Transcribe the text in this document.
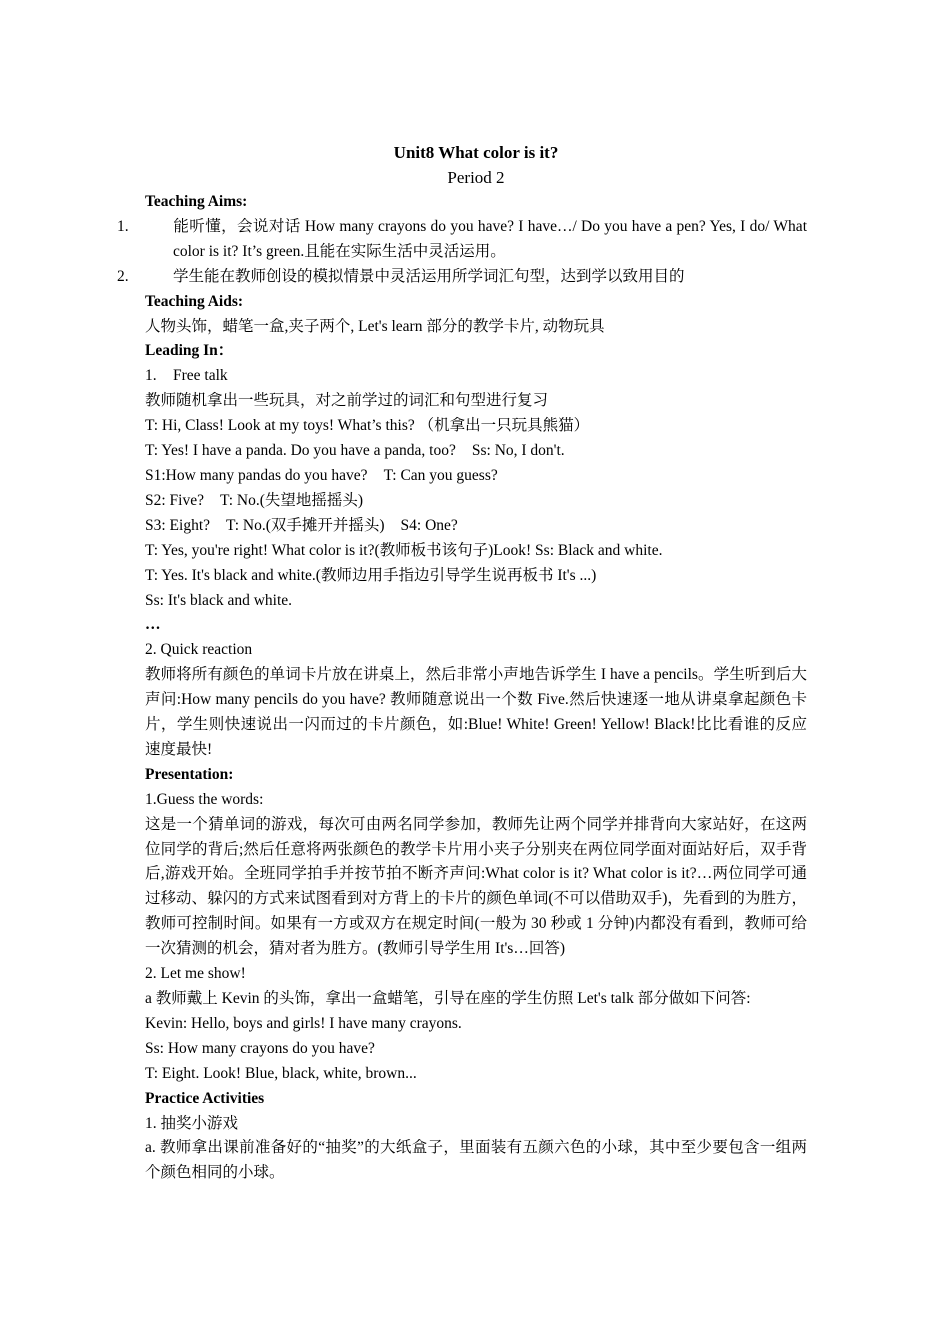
Unit8 What color is it?
Period 2
Teaching Aims:
1.	能听懂，会说对话 How many crayons do you have? I have…/ Do you have a pen? Yes, I do/ What color is it? It’s green.且能在实际生活中灵活运用。
2.	学生能在教师创设的模拟情景中灵活运用所学词汇句型，达到学以致用目的
Teaching Aids:
人物头饰，蜡笔一盒,夹子两个, Let's learn 部分的教学卡片, 动物玩具
Leading In：
1. Free talk
教师随机拿出一些玩具，对之前学过的词汇和句型进行复习
T: Hi, Class! Look at my toys! What’s this? （机拿出一只玩具熊猫）
T: Yes! I have a panda. Do you have a panda, too? Ss: No, I don't.
S1:How many pandas do you have? T: Can you guess?
S2: Five? T: No.(失望地摇摇头)
S3: Eight? T: No.(双手摊开并摇头) S4: One?
T: Yes, you're right! What color is it?(教师板书该句子)Look! Ss: Black and white.
T: Yes. It's black and white.(教师边用手指边引导学生说再板书 It's ...)
Ss: It's black and white.
…
2. Quick reaction
教师将所有颜色的单词卡片放在讲桌上，然后非常小声地告诉学生 I have a pencils。学生听到后大声问:How many pencils do you have? 教师随意说出一个数 Five.然后快速逐一地从讲桌拿起颜色卡片，学生则快速说出一闪而过的卡片颜色，如:Blue! White! Green! Yellow! Black!比比看谁的反应速度最快!
Presentation:
1.Guess the words:
这是一个猜单词的游戏，每次可由两名同学参加，教师先让两个同学并排背向大家站好，在这两位同学的背后;然后任意将两张颜色的教学卡片用小夹子分别夹在两位同学面对面站好后，双手背后,游戏开始。全班同学拍手并按节拍不断齐声问:What color is it? What color is it?…两位同学可通过移动、躲闪的方式来试图看到对方背上的卡片的颜色单词(不可以借助双手)，先看到的为胜方，教师可控制时间。如果有一方或双方在规定时间(一般为 30 秒或 1 分钟)内都没有看到，教师可给一次猜测的机会，猜对者为胜方。(教师引导学生用 It's…回答)
2. Let me show!
a 教师戴上 Kevin 的头饰，拿出一盒蜡笔，引导在座的学生仿照 Let's talk 部分做如下问答:
Kevin: Hello, boys and girls! I have many crayons.
Ss: How many crayons do you have?
T: Eight. Look! Blue, black, white, brown...
Practice Activities
1. 抽奖小游戏
a. 教师拿出课前准备好的“抽奖”的大纸盒子，里面装有五颜六色的小球，其中至少要包含一组两个颜色相同的小球。
